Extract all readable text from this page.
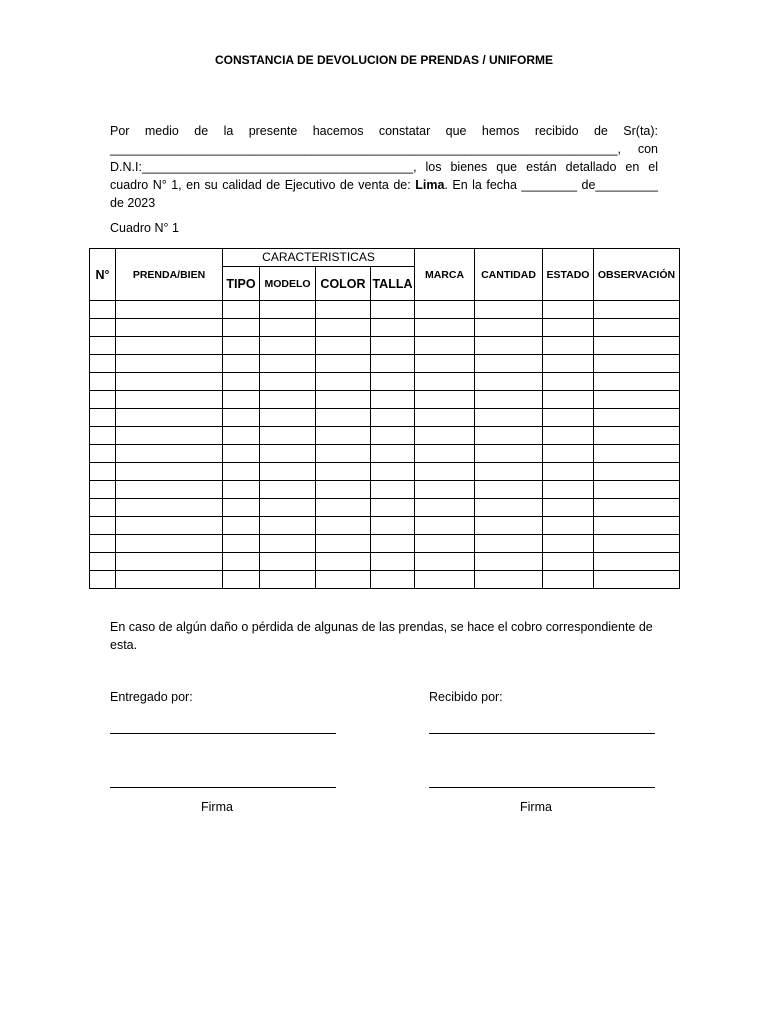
CONSTANCIA DE DEVOLUCION DE PRENDAS / UNIFORME
Por medio de la presente hacemos constatar que hemos recibido de Sr(ta):
_________________________________________________________________________, con
D.N.I:_______________________________________, los bienes que están detallado en el
cuadro N° 1, en su calidad de Ejecutivo de venta de: Lima. En la fecha ________ de_________
de 2023
Cuadro N° 1
N°	PRENDA/BIEN	CARACTERISTICAS				MARCA	CANTIDAD	ESTADO	OBSERVACIÓN
		TIPO	MODELO	COLOR	TALLA				

En caso de algún daño o pérdida de algunas de las prendas, se hace el cobro correspondiente de esta.
Entregado por:	Recibido por:
Firma	Firma
